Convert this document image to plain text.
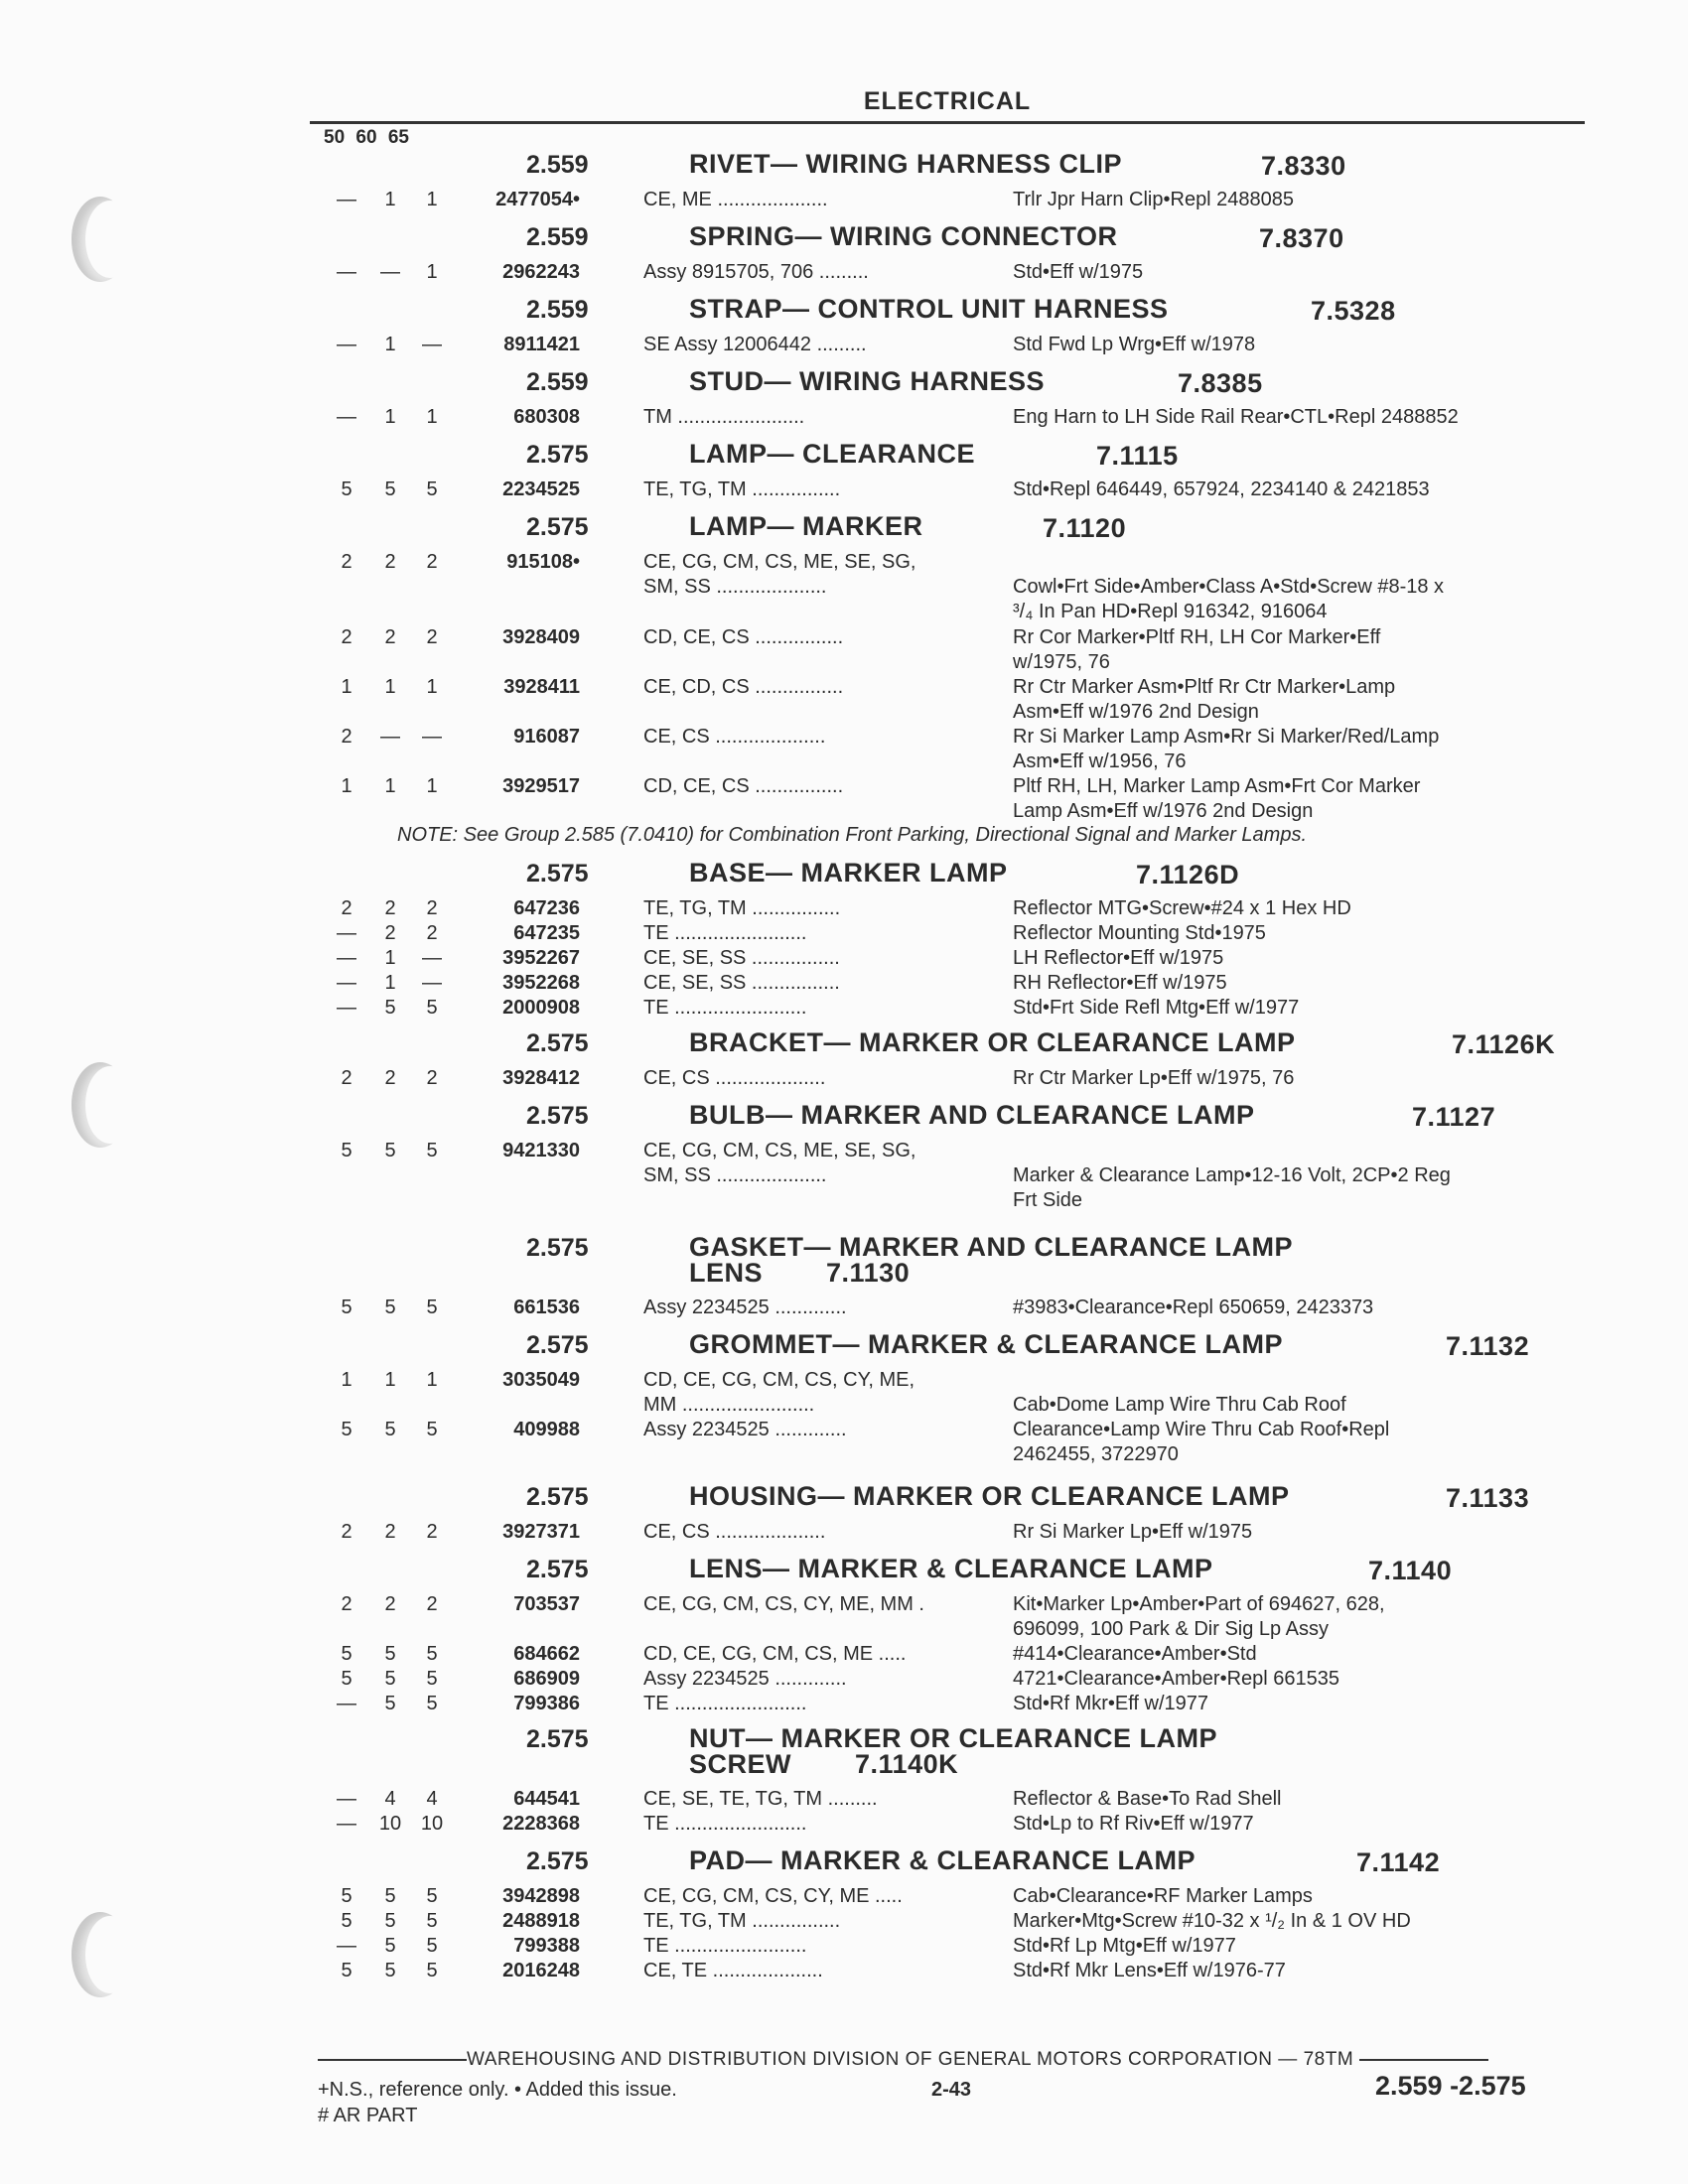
ELECTRICAL
50 60 65
2.559	RIVET— WIRING HARNESS CLIP	7.8330
—	1	1	2477054•	CE, ME ....................	Trlr Jpr Harn Clip•Repl 2488085
2.559	SPRING— WIRING CONNECTOR	7.8370
— —	1	2962243	Assy 8915705, 706 .........	Std•Eff w/1975
2.559	STRAP— CONTROL UNIT HARNESS	7.5328
—	1	—	8911421	SE Assy 12006442 .........	Std Fwd Lp Wrg•Eff w/1978
2.559	STUD— WIRING HARNESS	7.8385
—	1	1	680308	TM .......................	Eng Harn to LH Side Rail Rear•CTL•Repl 2488852
2.575	LAMP— CLEARANCE	7.1115
5	5	5	2234525	TE, TG, TM ................	Std•Repl 646449, 657924, 2234140 & 2421853
2.575	LAMP— MARKER	7.1120
2	2	2	915108•	CE, CG, CM, CS, ME, SE, SG,
SM, SS ....................	
Cowl•Frt Side•Amber•Class A•Std•Screw #8-18 x
³/₄ In Pan HD•Repl 916342, 916064
2	2	2	3928409	CD, CE, CS ................	Rr Cor Marker•Pltf RH, LH Cor Marker•Eff
w/1975, 76
1	1	1	3928411	CE, CD, CS ................	Rr Ctr Marker Asm•Pltf Rr Ctr Marker•Lamp
Asm•Eff w/1976 2nd Design
2	— —	916087	CE, CS ....................	Rr Si Marker Lamp Asm•Rr Si Marker/Red/Lamp
Asm•Eff w/1956, 76
1	1	1	3929517	CD, CE, CS ................	Pltf RH, LH, Marker Lamp Asm•Frt Cor Marker
Lamp Asm•Eff w/1976 2nd Design
NOTE: See Group 2.585 (7.0410) for Combination Front Parking, Directional Signal and Marker Lamps.
2.575	BASE— MARKER LAMP	7.1126D
2	2	2	647236	TE, TG, TM ................	Reflector MTG•Screw•#24 x 1 Hex HD
—	2	2	647235	TE ........................	Reflector Mounting Std•1975
—	1	—	3952267	CE, SE, SS ................	LH Reflector•Eff w/1975
—	1	—	3952268	CE, SE, SS ................	RH Reflector•Eff w/1975
—	5	5	2000908	TE ........................	Std•Frt Side Refl Mtg•Eff w/1977
2.575	BRACKET— MARKER OR CLEARANCE LAMP	7.1126K
2	2	2	3928412	CE, CS ....................	Rr Ctr Marker Lp•Eff w/1975, 76
2.575	BULB— MARKER AND CLEARANCE LAMP	7.1127
5	5	5	9421330	CE, CG, CM, CS, ME, SE, SG,
SM, SS ....................	
Marker & Clearance Lamp•12-16 Volt, 2CP•2 Reg
Frt Side
2.575	GASKET— MARKER AND CLEARANCE LAMP
LENS        7.1130
5	5	5	661536	Assy 2234525 .............	#3983•Clearance•Repl 650659, 2423373
2.575	GROMMET— MARKER & CLEARANCE LAMP	7.1132
1	1	1	3035049	CD, CE, CG, CM, CS, CY, ME,
MM ........................	
Cab•Dome Lamp Wire Thru Cab Roof
5	5	5	409988	Assy 2234525 .............	Clearance•Lamp Wire Thru Cab Roof•Repl
2462455, 3722970
2.575	HOUSING— MARKER OR CLEARANCE LAMP	7.1133
2	2	2	3927371	CE, CS ....................	Rr Si Marker Lp•Eff w/1975
2.575	LENS— MARKER & CLEARANCE LAMP	7.1140
2	2	2	703537	CE, CG, CM, CS, CY, ME, MM .	Kit•Marker Lp•Amber•Part of 694627, 628,
696099, 100 Park & Dir Sig Lp Assy
5	5	5	684662	CD, CE, CG, CM, CS, ME .....	#414•Clearance•Amber•Std
5	5	5	686909	Assy 2234525 .............	4721•Clearance•Amber•Repl 661535
—	5	5	799386	TE ........................	Std•Rf Mkr•Eff w/1977
2.575	NUT— MARKER OR CLEARANCE LAMP
SCREW        7.1140K
—	4	4	644541	CE, SE, TE, TG, TM .........	Reflector & Base•To Rad Shell
— 10 10	2228368	TE ........................	Std•Lp to Rf Riv•Eff w/1977
2.575	PAD— MARKER & CLEARANCE LAMP	7.1142
5	5	5	3942898	CE, CG, CM, CS, CY, ME .....	Cab•Clearance•RF Marker Lamps
5	5	5	2488918	TE, TG, TM ................	Marker•Mtg•Screw #10-32 x ¹/₂ In & 1 OV HD
—	5	5	799388	TE ........................	Std•Rf Lp Mtg•Eff w/1977
5	5	5	2016248	CE, TE ....................	Std•Rf Mkr Lens•Eff w/1976-77
WAREHOUSING AND DISTRIBUTION DIVISION OF GENERAL MOTORS CORPORATION — 78TM
+N.S., reference only. • Added this issue.
# AR PART
2-43	2.559 -2.575
